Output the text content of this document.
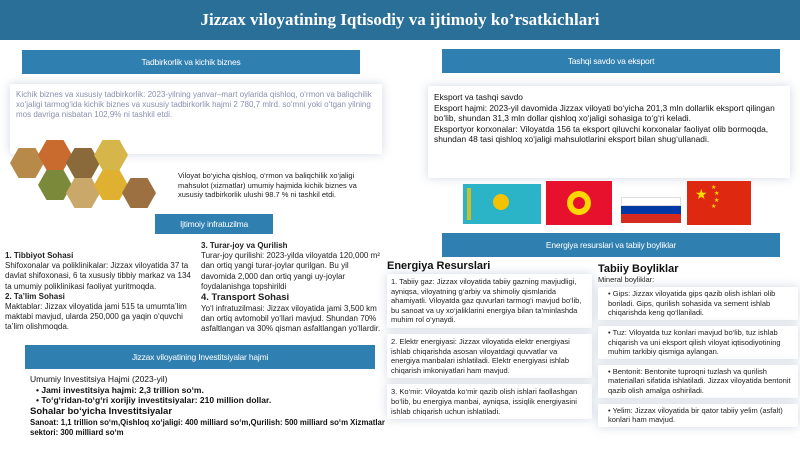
Jizzax viloyatining Iqtisodiy va ijtimoiy ko’rsatkichlari
Tadbirkorlik va kichik biznes
Kichik biznes va xususiy tadbirkorlik: 2023-yilning yanvar–mart oylarida qishloq, o‘rmon va baliqchilik xo‘jaligi tarmog‘ida kichik biznes va xususiy tadbirkorlik hajmi 2 780,7 mlrd. so‘mni yoki o‘tgan yilning mos davriga nisbatan 102,9% ni tashkil etdi.
Viloyat bo‘yicha qishloq, o‘rmon va baliqchilik xo‘jaligi mahsulot (xizmatlar) umumiy hajmida kichik biznes va xususiy tadbirkorlik ulushi 98.7 % ni tashkil etdi.
Ijtimoiy infratuzilma
1. Tibbiyot Sohasi
Shifoxonalar va poliklinikalar: Jizzax viloyatida 37 ta davlat shifoxonasi, 6 ta xususiy tibbiy markaz va 134 ta umumiy poliklinikasi faoliyat yuritmoqda.
2. Ta’lim Sohasi
Maktablar: Jizzax viloyatida jami 515 ta umumta’lim maktabi mavjud, ularda 250,000 ga yaqin o‘quvchi ta’lim olishmoqda.
3. Turar-joy va Qurilish
Turar-joy qurilishi: 2023-yilda viloyatda 120,000 m² dan ortiq yangi turar-joylar qurilgan. Bu yil davomida 2,000 dan ortiq yangi uy-joylar foydalanishga topshirildi
4. Transport Sohasi
Yo‘l infratuzilmasi: Jizzax viloyatida jami 3,500 km dan ortiq avtomobil yo‘llari mavjud. Shundan 70% asfaltlangan va 30% qisman asfaltlangan yo‘llardir.
Jizzax viloyatining Investitsiyalar hajmi
Umumiy Investitsiya Hajmi (2023-yil)
• Jami investitsiya hajmi: 2,3 trillion so‘m.
• To‘g‘ridan-to‘g‘ri xorijiy investitsiyalar: 210 million dollar.
Sohalar bo‘yicha Investitsiyalar
Sanoat: 1,1 trillion so‘m,Qishloq xo‘jaligi: 400 milliard so‘m,Qurilish: 500 milliard so‘m Xizmatlar sektori: 300 milliard so‘m
Tashqi savdo va eksport
Eksport va tashqi savdo
Eksport hajmi: 2023-yil davomida Jizzax viloyati bo‘yicha 201,3 mln dollarlik eksport qilingan bo‘lib, shundan 31,3 mln dollar qishloq xo‘jaligi sohasiga to‘g‘ri keladi.
Eksportyor korxonalar: Viloyatda 156 ta eksport qiluvchi korxonalar faoliyat olib bormoqda, shundan 48 tasi qishloq xo‘jaligi mahsulotlarini eksport bilan shug‘ullanadi.
★ ★
★
★
★
Energiya resurslari va tabiiy boyliklar
Energiya Resurslari
1. Tabiiy gaz: Jizzax viloyatida tabiiy gazning mavjudligi, ayniqsa, viloyatning g‘arbiy va shimoliy qismlarida ahamiyatli. Viloyatda gaz quvurlari tarmog‘i mavjud bo‘lib, bu sanoat va uy xo‘jaliklarini energiya bilan ta’minlashda muhim rol o‘ynaydi.
2. Elektr energiyasi: Jizzax viloyatida elektr energiyasi ishlab chiqarishda asosan viloyatdagi quvvatlar va energiya manbalari ishlatiladi. Elektr energiyasi ishlab chiqarish imkoniyatlari ham mavjud.
3. Ko‘mir: Viloyatda ko‘mir qazib olish ishlari faollashgan bo‘lib, bu energiya manbai, ayniqsa, issiqlik energiyasini ishlab chiqarish uchun ishlatiladi.
Tabiiy Boyliklar
Mineral boyliklar:
• Gips: Jizzax viloyatida gips qazib olish ishlari olib boriladi. Gips, qurilish sohasida va sement ishlab chiqarishda keng qo‘llaniladi.
• Tuz: Viloyatda tuz konlari mavjud bo‘lib, tuz ishlab chiqarish va uni eksport qilish viloyat iqtisodiyotining muhim tarkibiy qismiga aylangan.
• Bentonit: Bentonite tuproqni tuzlash va qurilish materiallari sifatida ishlatiladi. Jizzax viloyatida bentonit qazib olish amalga oshiriladi.
• Yelim: Jizzax viloyatida bir qator tabiiy yelim (asfalt) konlari ham mavjud.
